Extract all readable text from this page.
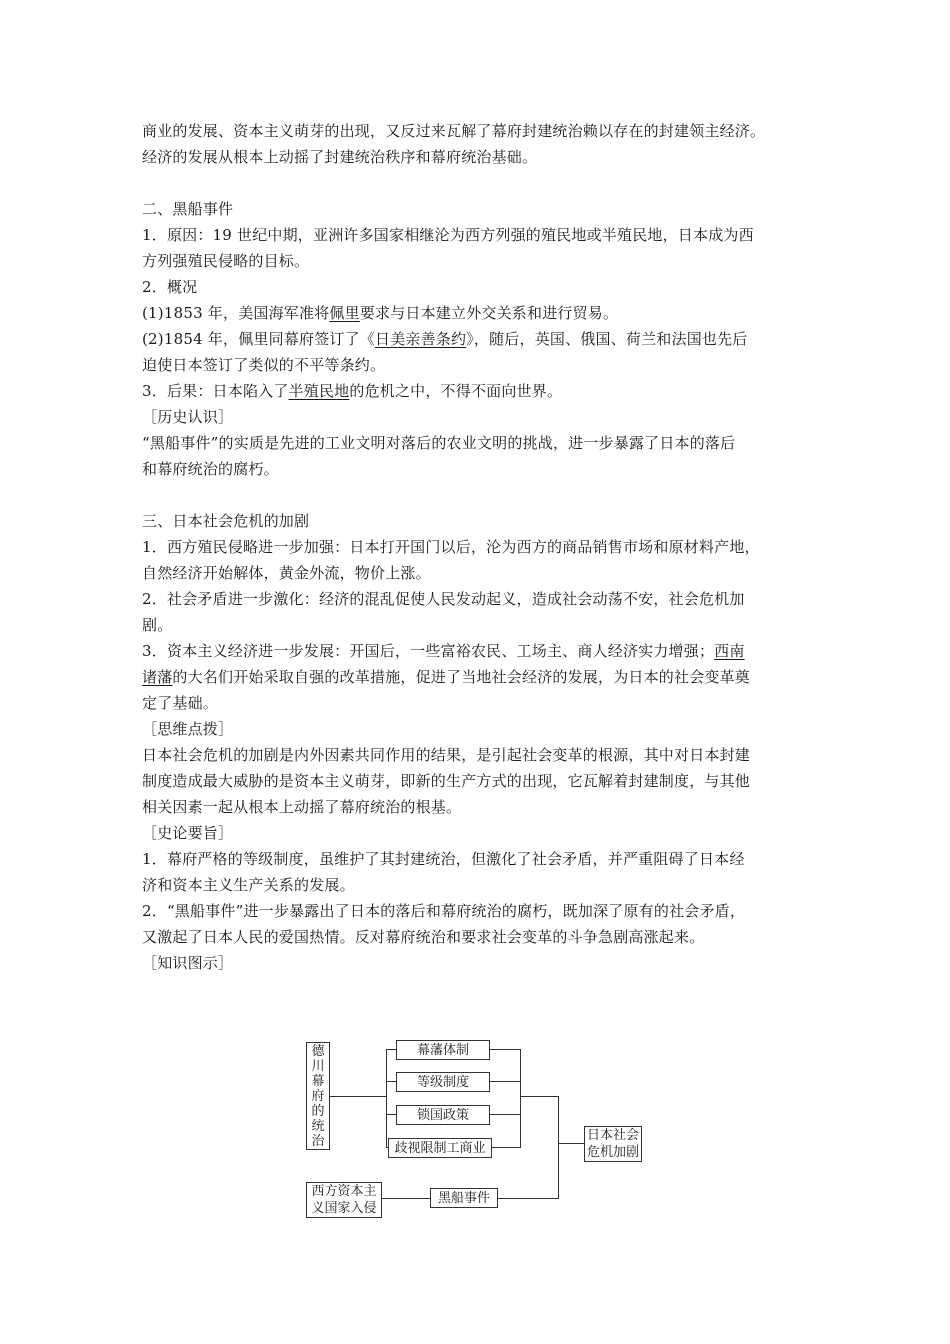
商业的发展、资本主义萌芽的出现，又反过来瓦解了幕府封建统治赖以存在的封建领主经济。
经济的发展从根本上动摇了封建统治秩序和幕府统治基础。
二、黑船事件
1．原因：19 世纪中期，亚洲许多国家相继沦为西方列强的殖民地或半殖民地，日本成为西
方列强殖民侵略的目标。
2．概况
(1)1853 年，美国海军准将佩里要求与日本建立外交关系和进行贸易。
(2)1854 年，佩里同幕府签订了《日美亲善条约》，随后，英国、俄国、荷兰和法国也先后
迫使日本签订了类似的不平等条约。
3．后果：日本陷入了半殖民地的危机之中，不得不面向世界。
［历史认识］
“黑船事件”的实质是先进的工业文明对落后的农业文明的挑战，进一步暴露了日本的落后
和幕府统治的腐朽。
三、日本社会危机的加剧
1．西方殖民侵略进一步加强：日本打开国门以后，沦为西方的商品销售市场和原材料产地，
自然经济开始解体，黄金外流，物价上涨。
2．社会矛盾进一步激化：经济的混乱促使人民发动起义，造成社会动荡不安，社会危机加
剧。
3．资本主义经济进一步发展：开国后，一些富裕农民、工场主、商人经济实力增强；西南
诸藩的大名们开始采取自强的改革措施，促进了当地社会经济的发展，为日本的社会变革奠
定了基础。
［思维点拨］
日本社会危机的加剧是内外因素共同作用的结果，是引起社会变革的根源，其中对日本封建
制度造成最大威胁的是资本主义萌芽，即新的生产方式的出现，它瓦解着封建制度，与其他
相关因素一起从根本上动摇了幕府统治的根基。
［史论要旨］
1．幕府严格的等级制度，虽维护了其封建统治，但激化了社会矛盾，并严重阻碍了日本经
济和资本主义生产关系的发展。
2．“黑船事件”进一步暴露出了日本的落后和幕府统治的腐朽，既加深了原有的社会矛盾，
又激起了日本人民的爱国热情。反对幕府统治和要求社会变革的斗争急剧高涨起来。
［知识图示］
德
川
幕
府
的
统
治
幕藩体制
等级制度
锁国政策
歧视限制工商业
日本社会
危机加剧
西方资本主
义国家入侵
黑船事件
